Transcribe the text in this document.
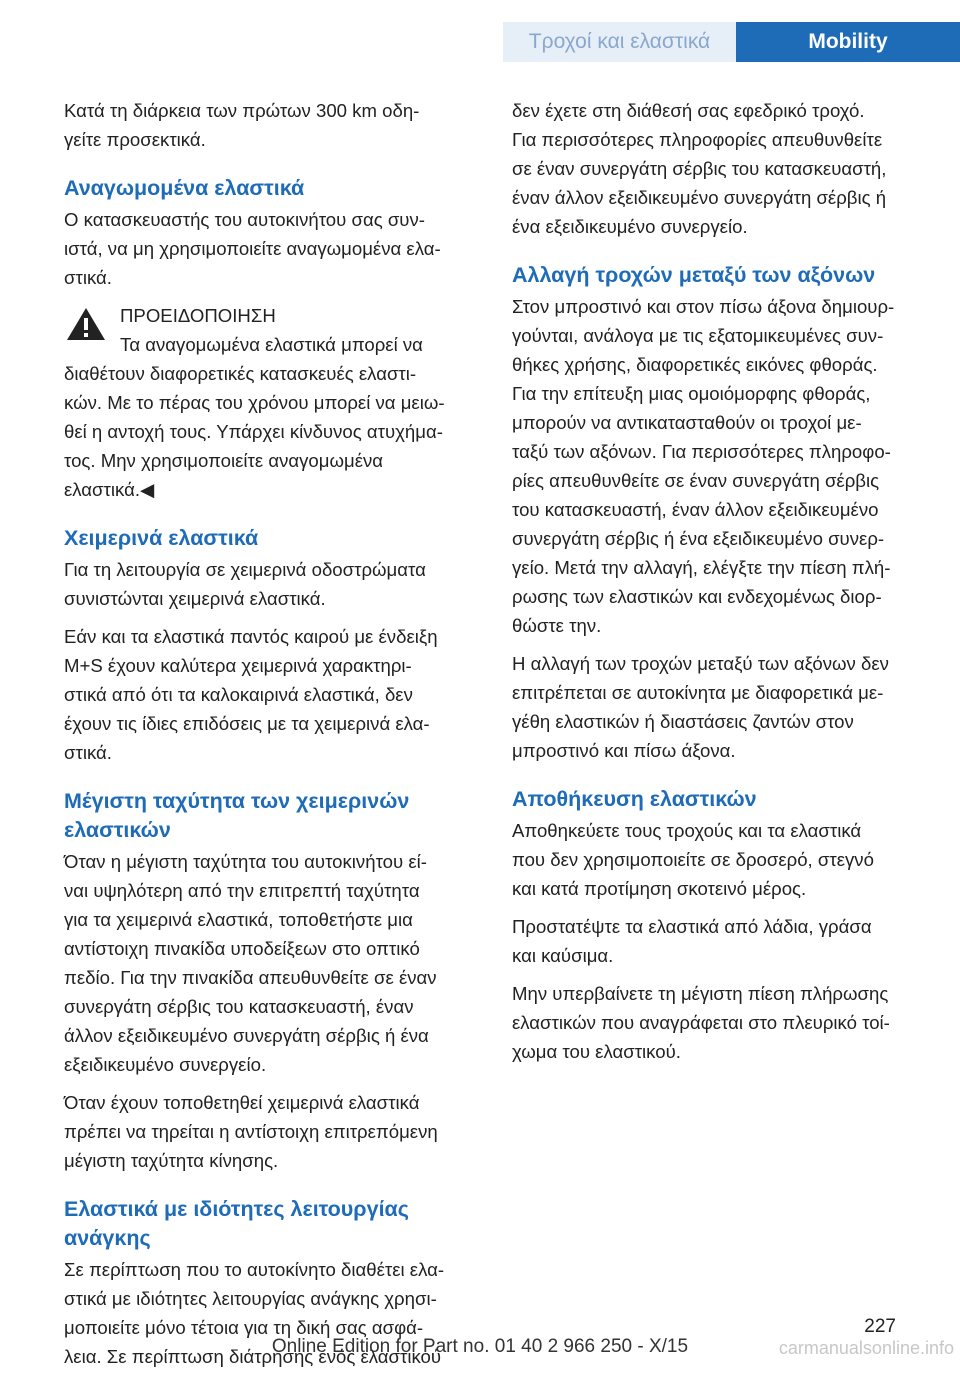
Τροχοί και ελαστικά	Mobility

Κατά τη διάρκεια των πρώτων 300 km οδη-
γείτε προσεκτικά.

Αναγωμομένα ελαστικά

Ο κατασκευαστής του αυτοκινήτου σας συν-
ιστά, να μη χρησιμοποιείτε αναγωμομένα ελα-
στικά.

ΠΡΟΕΙΔΟΠΟΙΗΣΗ

Τα αναγομωμένα ελαστικά μπορεί να

διαθέτουν διαφορετικές κατασκευές ελαστι-
κών. Με το πέρας του χρόνου μπορεί να μειω-
θεί η αντοχή τους. Υπάρχει κίνδυνος ατυχήμα-
τος. Μην χρησιμοποιείτε αναγομωμένα
ελαστικά.◀

Χειμερινά ελαστικά

Για τη λειτουργία σε χειμερινά οδοστρώματα
συνιστώνται χειμερινά ελαστικά.

Εάν και τα ελαστικά παντός καιρού με ένδειξη
M+S έχουν καλύτερα χειμερινά χαρακτηρι-
στικά από ότι τα καλοκαιρινά ελαστικά, δεν
έχουν τις ίδιες επιδόσεις με τα χειμερινά ελα-
στικά.

Μέγιστη ταχύτητα των χειμερινών
ελαστικών

Όταν η μέγιστη ταχύτητα του αυτοκινήτου εί-
ναι υψηλότερη από την επιτρεπτή ταχύτητα
για τα χειμερινά ελαστικά, τοποθετήστε μια
αντίστοιχη πινακίδα υποδείξεων στο οπτικό
πεδίο. Για την πινακίδα απευθυνθείτε σε έναν
συνεργάτη σέρβις του κατασκευαστή, έναν
άλλον εξειδικευμένο συνεργάτη σέρβις ή ένα
εξειδικευμένο συνεργείο.

Όταν έχουν τοποθετηθεί χειμερινά ελαστικά
πρέπει να τηρείται η αντίστοιχη επιτρεπόμενη
μέγιστη ταχύτητα κίνησης.

Ελαστικά με ιδιότητες λειτουργίας
ανάγκης

Σε περίπτωση που το αυτοκίνητο διαθέτει ελα-
στικά με ιδιότητες λειτουργίας ανάγκης χρησι-
μοποιείτε μόνο τέτοια για τη δική σας ασφά-
λεια. Σε περίπτωση διάτρησης ενός ελαστικού

δεν έχετε στη διάθεσή σας εφεδρικό τροχό.
Για περισσότερες πληροφορίες απευθυνθείτε
σε έναν συνεργάτη σέρβις του κατασκευαστή,
έναν άλλον εξειδικευμένο συνεργάτη σέρβις ή
ένα εξειδικευμένο συνεργείο.

Αλλαγή τροχών μεταξύ των αξόνων

Στον μπροστινό και στον πίσω άξονα δημιουρ-
γούνται, ανάλογα με τις εξατομικευμένες συν-
θήκες χρήσης, διαφορετικές εικόνες φθοράς.
Για την επίτευξη μιας ομοιόμορφης φθοράς,
μπορούν να αντικατασταθούν οι τροχοί με-
ταξύ των αξόνων. Για περισσότερες πληροφο-
ρίες απευθυνθείτε σε έναν συνεργάτη σέρβις
του κατασκευαστή, έναν άλλον εξειδικευμένο
συνεργάτη σέρβις ή ένα εξειδικευμένο συνερ-
γείο. Μετά την αλλαγή, ελέγξτε την πίεση πλή-
ρωσης των ελαστικών και ενδεχομένως διορ-
θώστε την.

Η αλλαγή των τροχών μεταξύ των αξόνων δεν
επιτρέπεται σε αυτοκίνητα με διαφορετικά με-
γέθη ελαστικών ή διαστάσεις ζαντών στον
μπροστινό και πίσω άξονα.

Αποθήκευση ελαστικών

Αποθηκεύετε τους τροχούς και τα ελαστικά
που δεν χρησιμοποιείτε σε δροσερό, στεγνό
και κατά προτίμηση σκοτεινό μέρος.

Προστατέψτε τα ελαστικά από λάδια, γράσα
και καύσιμα.

Μην υπερβαίνετε τη μέγιστη πίεση πλήρωσης
ελαστικών που αναγράφεται στο πλευρικό τοί-
χωμα του ελαστικού.

227
Online Edition for Part no. 01 40 2 966 250 - X/15	carmanualsonline.info
